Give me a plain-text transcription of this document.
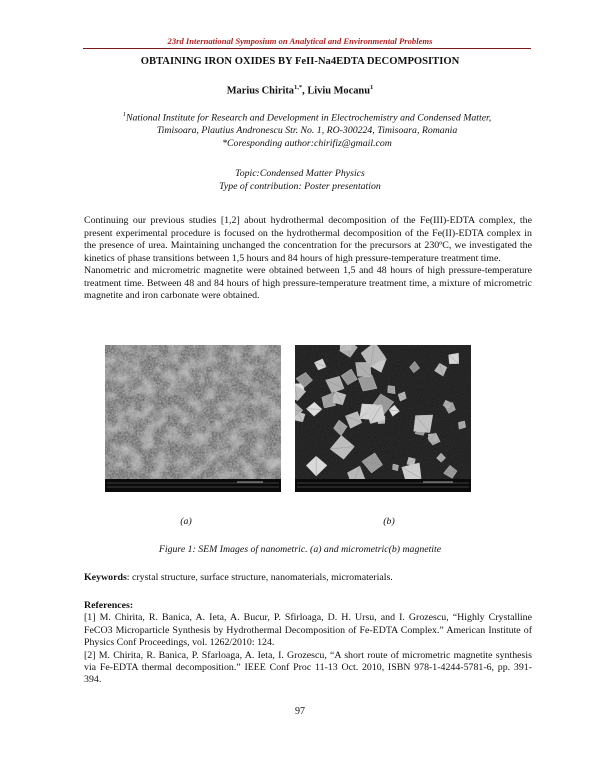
23rd International Symposium on Analytical and Environmental Problems
OBTAINING IRON OXIDES BY FeII-Na4EDTA DECOMPOSITION
Marius Chirita$^{1,*}$, Liviu Mocanu$^1$
$^1$National Institute for Research and Development in Electrochemistry and Condensed Matter,
Timisoara, Plautius Andronescu Str. No. 1, RO-300224, Timisoara, Romania
*Coresponding author:chirifiz@gmail.com
Topic:Condensed Matter Physics
Type of contribution: Poster presentation

Continuing our previous studies [1,2] about hydrothermal decomposition of the Fe(III)-EDTA complex, the present experimental procedure is focused on the hydrothermal decomposition of the Fe(II)-EDTA complex in the presence of urea. Maintaining unchanged the concentration for the precursors at 230ºC, we investigated the kinetics of phase transitions between 1,5 hours and 84 hours of high pressure-temperature treatment time.

Nanometric and micrometric magnetite were obtained between 1,5 and 48 hours of high pressure-temperature treatment time. Between 48 and 84 hours of high pressure-temperature treatment time, a mixture of micrometric magnetite and iron carbonate were obtained.

(a)	(b)
Figure 1: SEM Images of nanometric. (a) and micrometric(b) magnetite
Keywords: crystal structure, surface structure, nanomaterials, micromaterials.

References:

[1] M. Chirita, R. Banica, A. Ieta, A. Bucur, P. Sfirloaga, D. H. Ursu, and I. Grozescu, “Highly Crystalline FeCO3 Microparticle Synthesis by Hydrothermal Decomposition of Fe-EDTA Complex.” American Institute of Physics Conf Proceedings, vol. 1262/2010: 124.

[2] M. Chirita, R. Banica, P. Sfarloaga, A. Ieta, I. Grozescu, “A short route of micrometric magnetite synthesis via Fe-EDTA thermal decomposition.” IEEE Conf Proc 11-13 Oct. 2010, ISBN 978-1-4244-5781-6, pp. 391-394.

97
